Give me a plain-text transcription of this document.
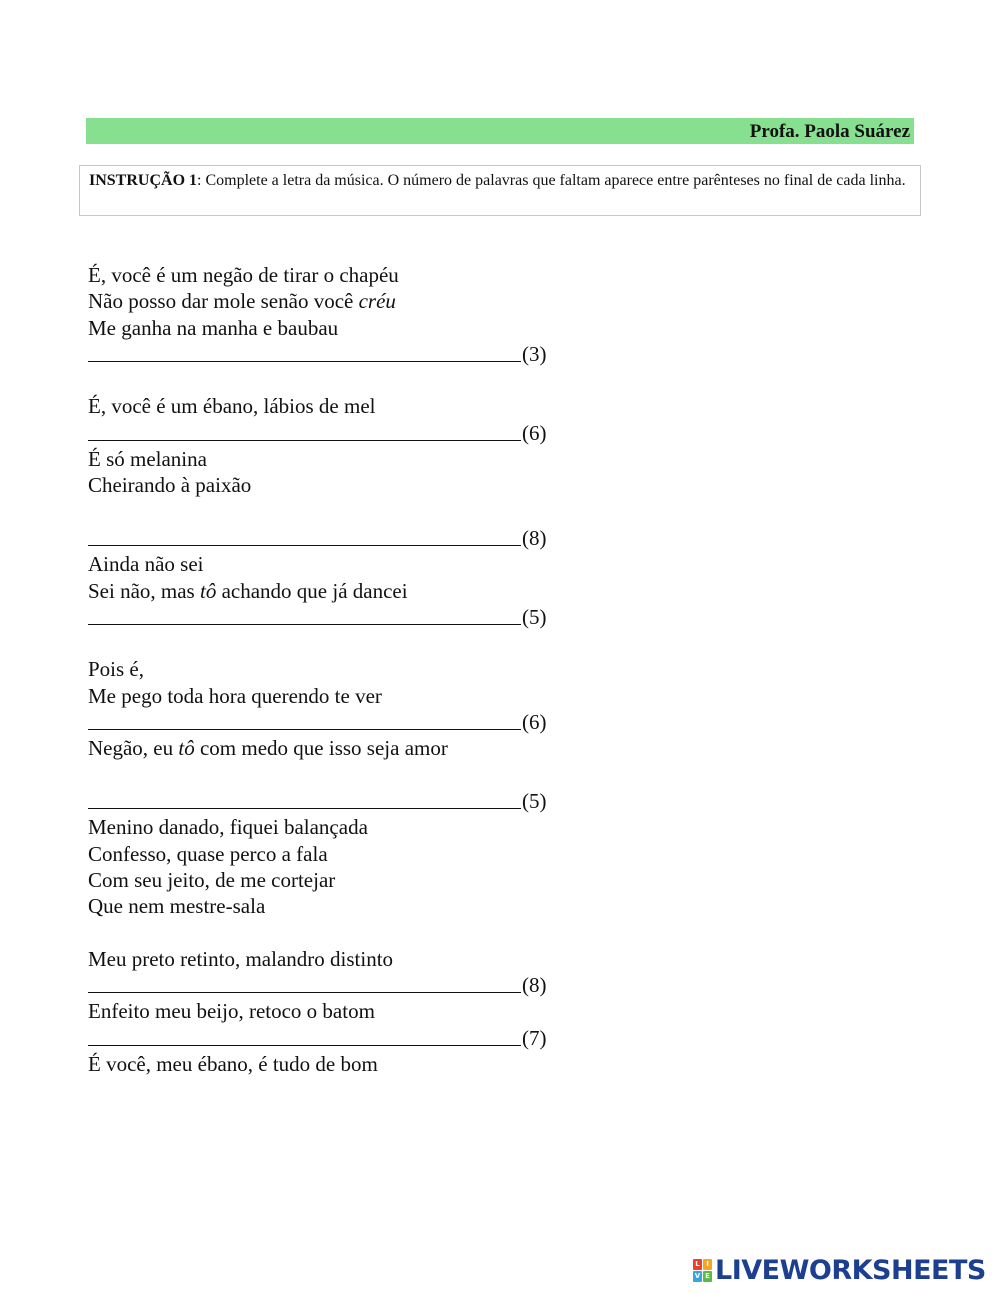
Profa. Paola Suárez
INSTRUÇÃO 1: Complete a letra da música. O número de palavras que faltam aparece entre parênteses no final de cada linha.
É, você é um negão de tirar o chapéu
Não posso dar mole senão você créu
Me ganha na manha e baubau
(3)
É, você é um ébano, lábios de mel
(6)
É só melanina
Cheirando à paixão
(8)
Ainda não sei
Sei não, mas tô achando que já dancei
(5)
Pois é,
Me pego toda hora querendo te ver
(6)
Negão, eu tô com medo que isso seja amor
(5)
Menino danado, fiquei balançada
Confesso, quase perco a fala
Com seu jeito, de me cortejar
Que nem mestre-sala
Meu preto retinto, malandro distinto
(8)
Enfeito meu beijo, retoco o batom
(7)
É você, meu ébano, é tudo de bom
L I
V E LIVEWORKSHEETS
